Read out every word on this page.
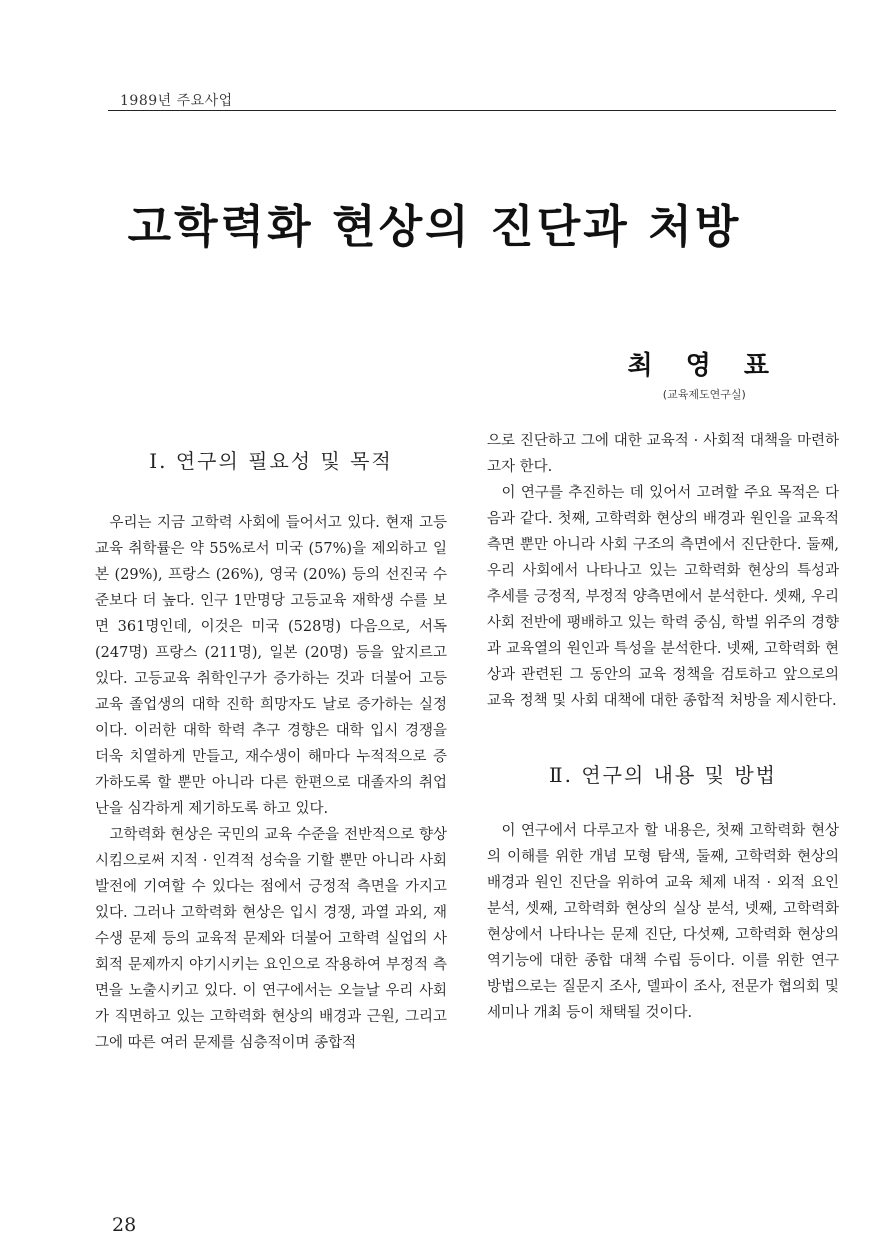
1989년 주요사업
고학력화 현상의 진단과 처방
최 영 표
(교육제도연구실)
Ⅰ. 연구의 필요성 및 목적

우리는 지금 고학력 사회에 들어서고 있다. 현재 고등교육 취학률은 약 55%로서 미국 (57%)을 제외하고 일본 (29%), 프랑스 (26%), 영국 (20%) 등의 선진국 수준보다 더 높다. 인구 1만명당 고등교육 재학생 수를 보면 361명인데, 이것은 미국 (528명) 다음으로, 서독 (247명) 프랑스 (211명), 일본 (20명) 등을 앞지르고 있다. 고등교육 취학인구가 증가하는 것과 더불어 고등교육 졸업생의 대학 진학 희망자도 날로 증가하는 실정이다. 이러한 대학 학력 추구 경향은 대학 입시 경쟁을 더욱 치열하게 만들고, 재수생이 해마다 누적적으로 증가하도록 할 뿐만 아니라 다른 한편으로 대졸자의 취업난을 심각하게 제기하도록 하고 있다.

고학력화 현상은 국민의 교육 수준을 전반적으로 향상시킴으로써 지적 · 인격적 성숙을 기할 뿐만 아니라 사회 발전에 기여할 수 있다는 점에서 긍정적 측면을 가지고 있다. 그러나 고학력화 현상은 입시 경쟁, 과열 과외, 재수생 문제 등의 교육적 문제와 더불어 고학력 실업의 사회적 문제까지 야기시키는 요인으로 작용하여 부정적 측면을 노출시키고 있다. 이 연구에서는 오늘날 우리 사회가 직면하고 있는 고학력화 현상의 배경과 근원, 그리고 그에 따른 여러 문제를 심층적이며 종합적

으로 진단하고 그에 대한 교육적 · 사회적 대책을 마련하고자 한다.

이 연구를 추진하는 데 있어서 고려할 주요 목적은 다음과 같다. 첫째, 고학력화 현상의 배경과 원인을 교육적 측면 뿐만 아니라 사회 구조의 측면에서 진단한다. 둘째, 우리 사회에서 나타나고 있는 고학력화 현상의 특성과 추세를 긍정적, 부정적 양측면에서 분석한다. 셋째, 우리 사회 전반에 팽배하고 있는 학력 중심, 학벌 위주의 경향과 교육열의 원인과 특성을 분석한다. 넷째, 고학력화 현상과 관련된 그 동안의 교육 정책을 검토하고 앞으로의 교육 정책 및 사회 대책에 대한 종합적 처방을 제시한다.

Ⅱ. 연구의 내용 및 방법

이 연구에서 다루고자 할 내용은, 첫째 고학력화 현상의 이해를 위한 개념 모형 탐색, 둘째, 고학력화 현상의 배경과 원인 진단을 위하여 교육 체제 내적 · 외적 요인 분석, 셋째, 고학력화 현상의 실상 분석, 넷째, 고학력화 현상에서 나타나는 문제 진단, 다섯째, 고학력화 현상의 역기능에 대한 종합 대책 수립 등이다. 이를 위한 연구 방법으로는 질문지 조사, 델파이 조사, 전문가 협의회 및 세미나 개최 등이 채택될 것이다.

28
